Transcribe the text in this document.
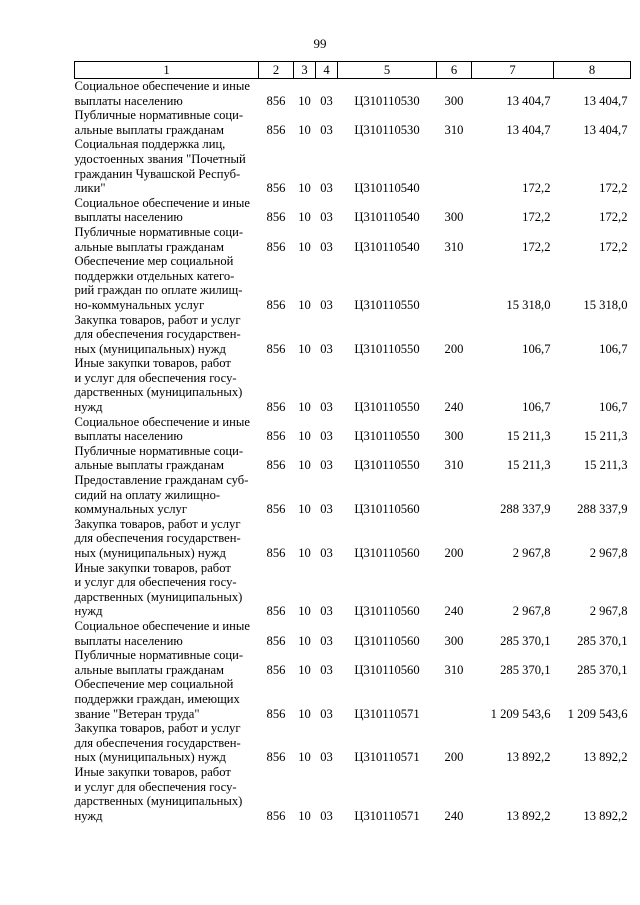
99
1	2	3	4	5	6	7	8
Социальное обеспечение и иные
выплаты населению	856	10	03	Ц310110530	300	13 404,7	13 404,7
Публичные нормативные соци-
альные выплаты гражданам	856	10	03	Ц310110530	310	13 404,7	13 404,7
Социальная поддержка лиц,
удостоенных звания "Почетный
гражданин Чувашской Респуб-
лики"	856	10	03	Ц310110540		172,2	172,2
Социальное обеспечение и иные
выплаты населению	856	10	03	Ц310110540	300	172,2	172,2
Публичные нормативные соци-
альные выплаты гражданам	856	10	03	Ц310110540	310	172,2	172,2
Обеспечение мер социальной
поддержки отдельных катего-
рий граждан по оплате жилищ-
но-коммунальных услуг	856	10	03	Ц310110550		15 318,0	15 318,0
Закупка товаров, работ и услуг
для обеспечения государствен-
ных (муниципальных) нужд	856	10	03	Ц310110550	200	106,7	106,7
Иные закупки товаров, работ
и услуг для обеспечения госу-
дарственных (муниципальных)
нужд	856	10	03	Ц310110550	240	106,7	106,7
Социальное обеспечение и иные
выплаты населению	856	10	03	Ц310110550	300	15 211,3	15 211,3
Публичные нормативные соци-
альные выплаты гражданам	856	10	03	Ц310110550	310	15 211,3	15 211,3
Предоставление гражданам суб-
сидий на оплату жилищно-
коммунальных услуг	856	10	03	Ц310110560		288 337,9	288 337,9
Закупка товаров, работ и услуг
для обеспечения государствен-
ных (муниципальных) нужд	856	10	03	Ц310110560	200	2 967,8	2 967,8
Иные закупки товаров, работ
и услуг для обеспечения госу-
дарственных (муниципальных)
нужд	856	10	03	Ц310110560	240	2 967,8	2 967,8
Социальное обеспечение и иные
выплаты населению	856	10	03	Ц310110560	300	285 370,1	285 370,1
Публичные нормативные соци-
альные выплаты гражданам	856	10	03	Ц310110560	310	285 370,1	285 370,1
Обеспечение мер социальной
поддержки граждан, имеющих
звание "Ветеран труда"	856	10	03	Ц310110571		1 209 543,6	1 209 543,6
Закупка товаров, работ и услуг
для обеспечения государствен-
ных (муниципальных) нужд	856	10	03	Ц310110571	200	13 892,2	13 892,2
Иные закупки товаров, работ
и услуг для обеспечения госу-
дарственных (муниципальных)
нужд	856	10	03	Ц310110571	240	13 892,2	13 892,2
